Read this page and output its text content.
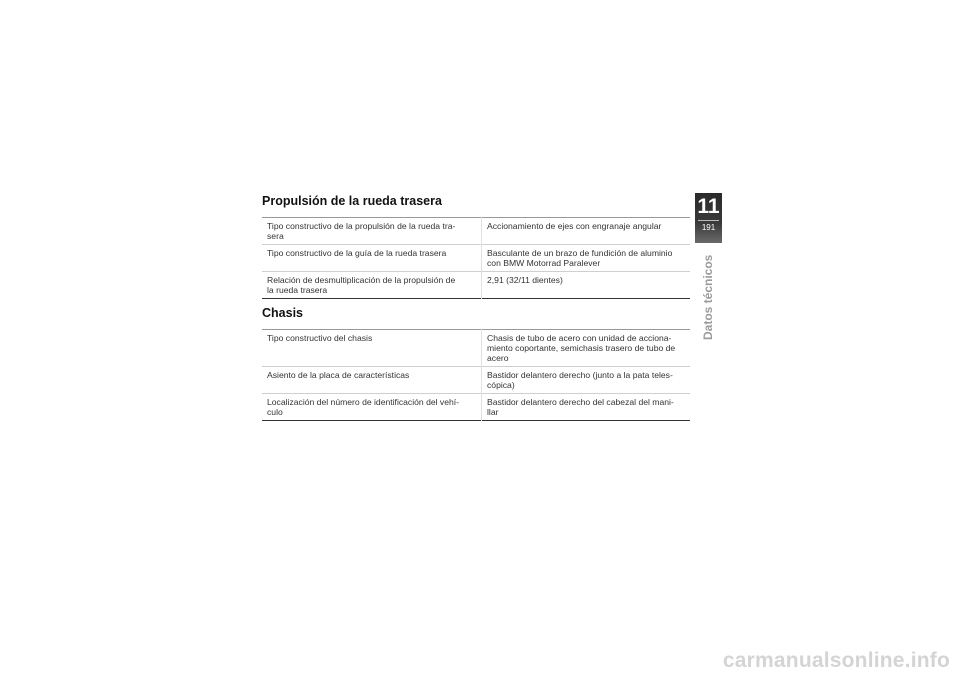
Propulsión de la rueda trasera
Tipo constructivo de la propulsión de la rueda tra-
sera	Accionamiento de ejes con engranaje angular
Tipo constructivo de la guía de la rueda trasera	Basculante de un brazo de fundición de aluminio
con BMW Motorrad Paralever
Relación de desmultiplicación de la propulsión de
la rueda trasera	2,91 (32/11 dientes)
Chasis
Tipo constructivo del chasis	Chasis de tubo de acero con unidad de acciona-
miento coportante, semichasis trasero de tubo de
acero
Asiento de la placa de características	Bastidor delantero derecho (junto a la pata teles-
cópica)
Localización del número de identificación del vehí-
culo	Bastidor delantero derecho del cabezal del mani-
llar
11
191
Datos técnicos
carmanualsonline.info
